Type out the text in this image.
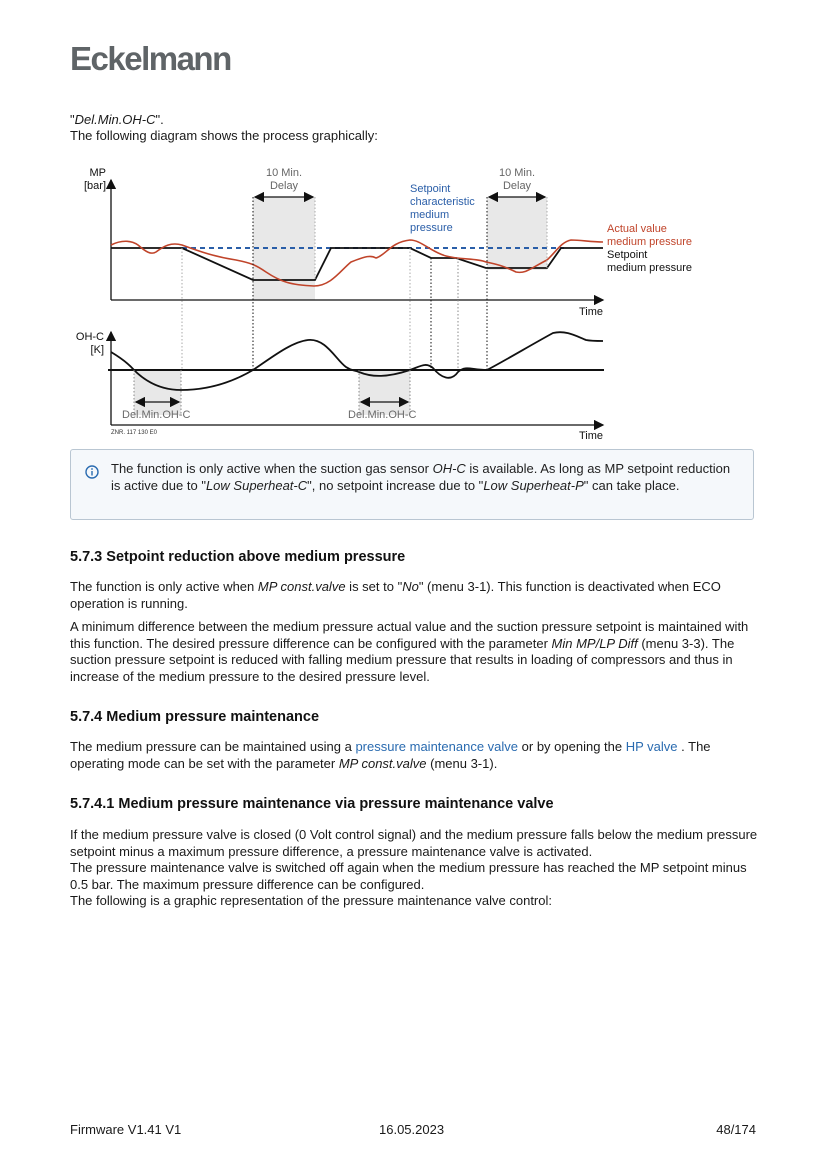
Eckelmann
"Del.Min.OH-C".
The following diagram shows the process graphically:
MP
[bar]
Time
10 Min.
Delay
10 Min.
Delay
Setpoint
characteristic
medium
pressure	Actual value
medium pressure
Setpoint
medium pressure
OH-C
[K]
Time
Del.Min.OH-C	Del.Min.OH-C
ZNR. 117 130 E0
The function is only active when the suction gas sensor OH-C is available. As long as MP setpoint reduction is active due to "Low Superheat-C", no setpoint increase due to "Low Superheat-P" can take place.
5.7.3 Setpoint reduction above medium pressure
The function is only active when MP const.valve is set to "No" (menu 3-1). This function is deactivated when ECO operation is running.
A minimum difference between the medium pressure actual value and the suction pressure setpoint is maintained with this function. The desired pressure difference can be configured with the parameter Min MP/LP Diff (menu 3-3). The suction pressure setpoint is reduced with falling medium pressure that results in loading of compressors and thus in increase of the medium pressure to the desired pressure level.
5.7.4 Medium pressure maintenance
The medium pressure can be maintained using a pressure maintenance valve or by opening the HP valve . The operating mode can be set with the parameter MP const.valve (menu 3-1).
5.7.4.1 Medium pressure maintenance via pressure maintenance valve
If the medium pressure valve is closed (0 Volt control signal) and the medium pressure falls below the medium pressure setpoint minus a maximum pressure difference, a pressure maintenance valve is activated.
The pressure maintenance valve is switched off again when the medium pressure has reached the MP setpoint minus 0.5 bar. The maximum pressure difference can be configured.
The following is a graphic representation of the pressure maintenance valve control:
Firmware V1.41 V1	16.05.2023	48/174
